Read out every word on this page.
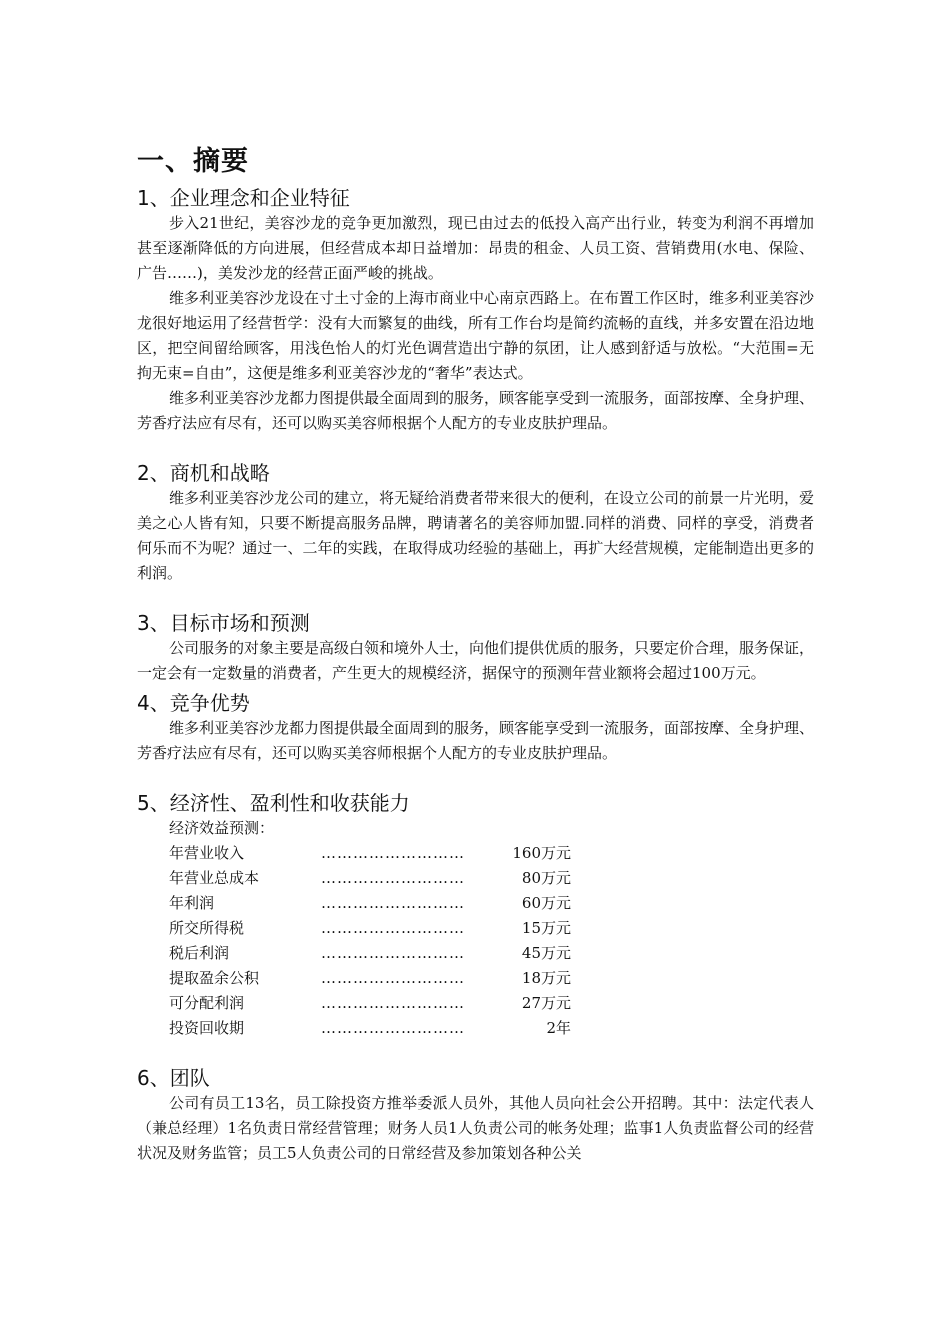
一、摘要
1、企业理念和企业特征

步入21世纪，美容沙龙的竞争更加激烈，现已由过去的低投入高产出行业，转变为利润不再增加甚至逐渐降低的方向进展，但经营成本却日益增加：昂贵的租金、人员工资、营销费用(水电、保险、广告……)，美发沙龙的经营正面严峻的挑战。

维多利亚美容沙龙设在寸土寸金的上海市商业中心南京西路上。在布置工作区时，维多利亚美容沙龙很好地运用了经营哲学：没有大而繁复的曲线，所有工作台均是简约流畅的直线，并多安置在沿边地区，把空间留给顾客，用浅色怡人的灯光色调营造出宁静的氛团，让人感到舒适与放松。“大范围=无拘无束=自由”，这便是维多利亚美容沙龙的“奢华”表达式。

维多利亚美容沙龙都力图提供最全面周到的服务，顾客能享受到一流服务，面部按摩、全身护理、芳香疗法应有尽有，还可以购买美容师根据个人配方的专业皮肤护理品。

2、商机和战略

维多利亚美容沙龙公司的建立，将无疑给消费者带来很大的便利，在设立公司的前景一片光明，爱美之心人皆有知，只要不断提高服务品牌，聘请著名的美容师加盟.同样的消费、同样的享受，消费者何乐而不为呢？通过一、二年的实践，在取得成功经验的基础上，再扩大经营规模，定能制造出更多的利润。

3、目标市场和预测

公司服务的对象主要是高级白领和境外人士，向他们提供优质的服务，只要定价合理，服务保证，一定会有一定数量的消费者，产生更大的规模经济，据保守的预测年营业额将会超过100万元。

4、竞争优势

维多利亚美容沙龙都力图提供最全面周到的服务，顾客能享受到一流服务，面部按摩、全身护理、芳香疗法应有尽有，还可以购买美容师根据个人配方的专业皮肤护理品。

5、经济性、盈利性和收获能力
经济效益预测：
年营业收入	………………………	160万元
年营业总成本	………………………	80万元
年利润	………………………	60万元
所交所得税	………………………	15万元
税后利润	………………………	45万元
提取盈余公积	………………………	18万元
可分配利润	………………………	27万元
投资回收期	………………………	2年
6、团队

公司有员工13名，员工除投资方推举委派人员外，其他人员向社会公开招聘。其中：法定代表人（兼总经理）1名负责日常经营管理；财务人员1人负责公司的帐务处理；监事1人负责监督公司的经营状况及财务监管；员工5人负责公司的日常经营及参加策划各种公关
